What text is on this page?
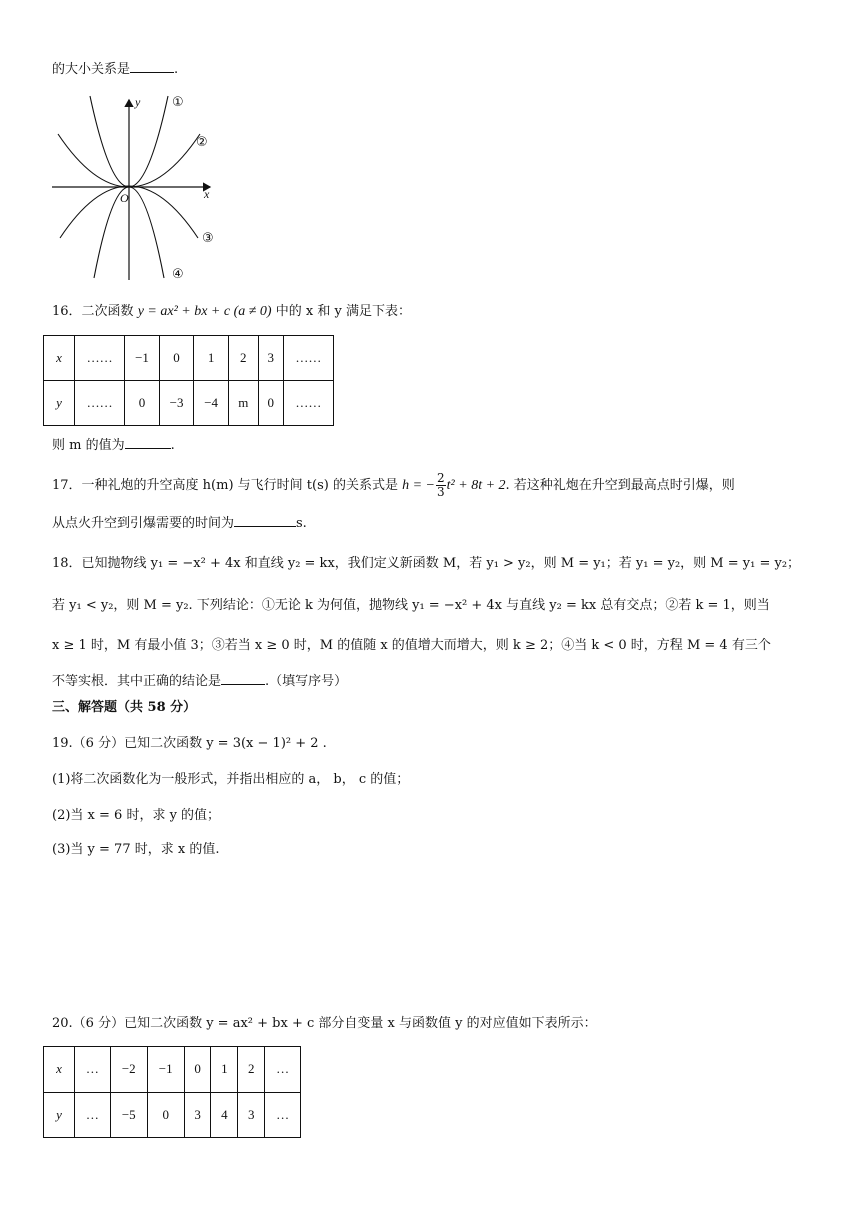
的大小关系是	.
y
x
O
①
②
③
④
16．二次函数 y = ax² + bx + c (a ≠ 0) 中的 x 和 y 满足下表：
x	……	−1	0	1	2	3	……
y	……	0	−3	−4	m	0	……
则 m 的值为	.
17．一种礼炮的升空高度 h(m) 与飞行时间 t(s) 的关系式是 h = − $\frac{2}{3} t^2 + 8t + 2$. 若这种礼炮在升空到最高点时引爆，则
从点火升空到引爆需要的时间为	s.
18．已知抛物线 y₁ = −x² + 4x 和直线 y₂ = kx，我们定义新函数 M，若 y₁ > y₂，则 M = y₁；若 y₁ = y₂，则 M = y₁ = y₂；
若 y₁ < y₂，则 M = y₂. 下列结论：①无论 k 为何值，抛物线 y₁ = −x² + 4x 与直线 y₂ = kx 总有交点；②若 k = 1，则当
x ≥ 1 时，M 有最小值 3；③若当 x ≥ 0 时，M 的值随 x 的值增大而增大，则 k ≥ 2；④当 k < 0 时，方程 M = 4 有三个
不等实根．其中正确的结论是	.（填写序号）
三、解答题（共 58 分）
19.（6 分）已知二次函数 y = 3(x − 1)² + 2 .
(1)将二次函数化为一般形式，并指出相应的 a， b， c 的值；
(2)当 x = 6 时，求 y 的值；
(3)当 y = 77 时，求 x 的值.
20.（6 分）已知二次函数 y = ax² + bx + c 部分自变量 x 与函数值 y 的对应值如下表所示：
x	…	−2	−1	0	1	2	…
y	…	−5	0	3	4	3	…
